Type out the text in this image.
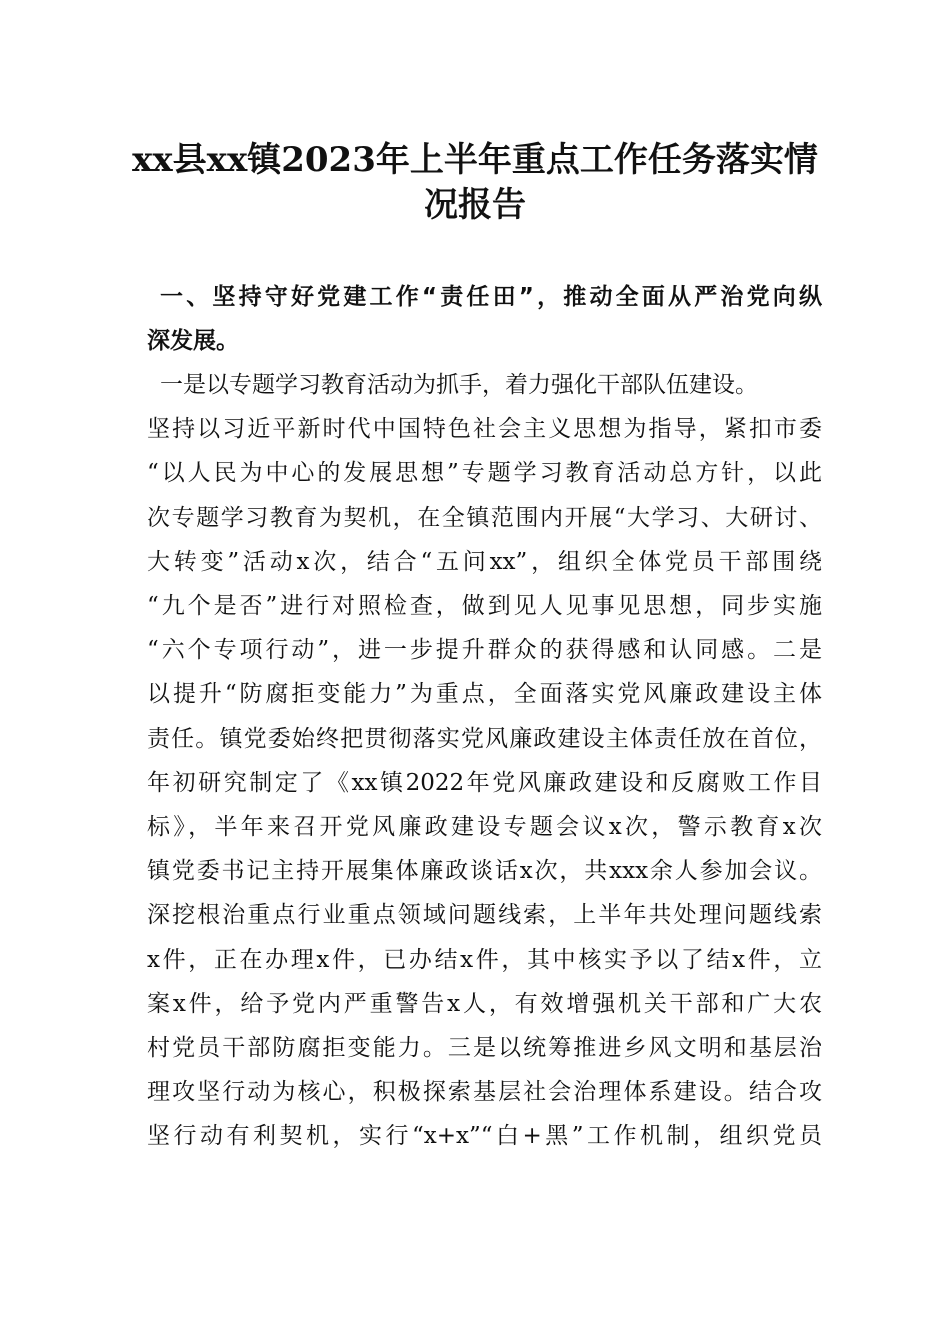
xx县xx镇2023年上半年重点工作任务落实情
况报告
一、坚持守好党建工作“责任田”，推动全面从严治党向纵
深发展。
一是以专题学习教育活动为抓手，着力强化干部队伍建设。
坚持以习近平新时代中国特色社会主义思想为指导，紧扣市委
“以人民为中心的发展思想”专题学习教育活动总方针，以此
次专题学习教育为契机，在全镇范围内开展“大学习、大研讨、
大转变”活动x次，结合“五问xx”，组织全体党员干部围绕
“九个是否”进行对照检查，做到见人见事见思想，同步实施
“六个专项行动”，进一步提升群众的获得感和认同感。二是
以提升“防腐拒变能力”为重点，全面落实党风廉政建设主体
责任。镇党委始终把贯彻落实党风廉政建设主体责任放在首位，
年初研究制定了《xx镇2022年党风廉政建设和反腐败工作目
标》，半年来召开党风廉政建设专题会议x次，警示教育x次
镇党委书记主持开展集体廉政谈话x次，共xxx余人参加会议。
深挖根治重点行业重点领域问题线索，上半年共处理问题线索
x件，正在办理x件，已办结x件，其中核实予以了结x件，立
案x件，给予党内严重警告x人，有效增强机关干部和广大农
村党员干部防腐拒变能力。三是以统筹推进乡风文明和基层治
理攻坚行动为核心，积极探索基层社会治理体系建设。结合攻
坚行动有利契机，实行“x+x”“白+黑”工作机制，组织党员
